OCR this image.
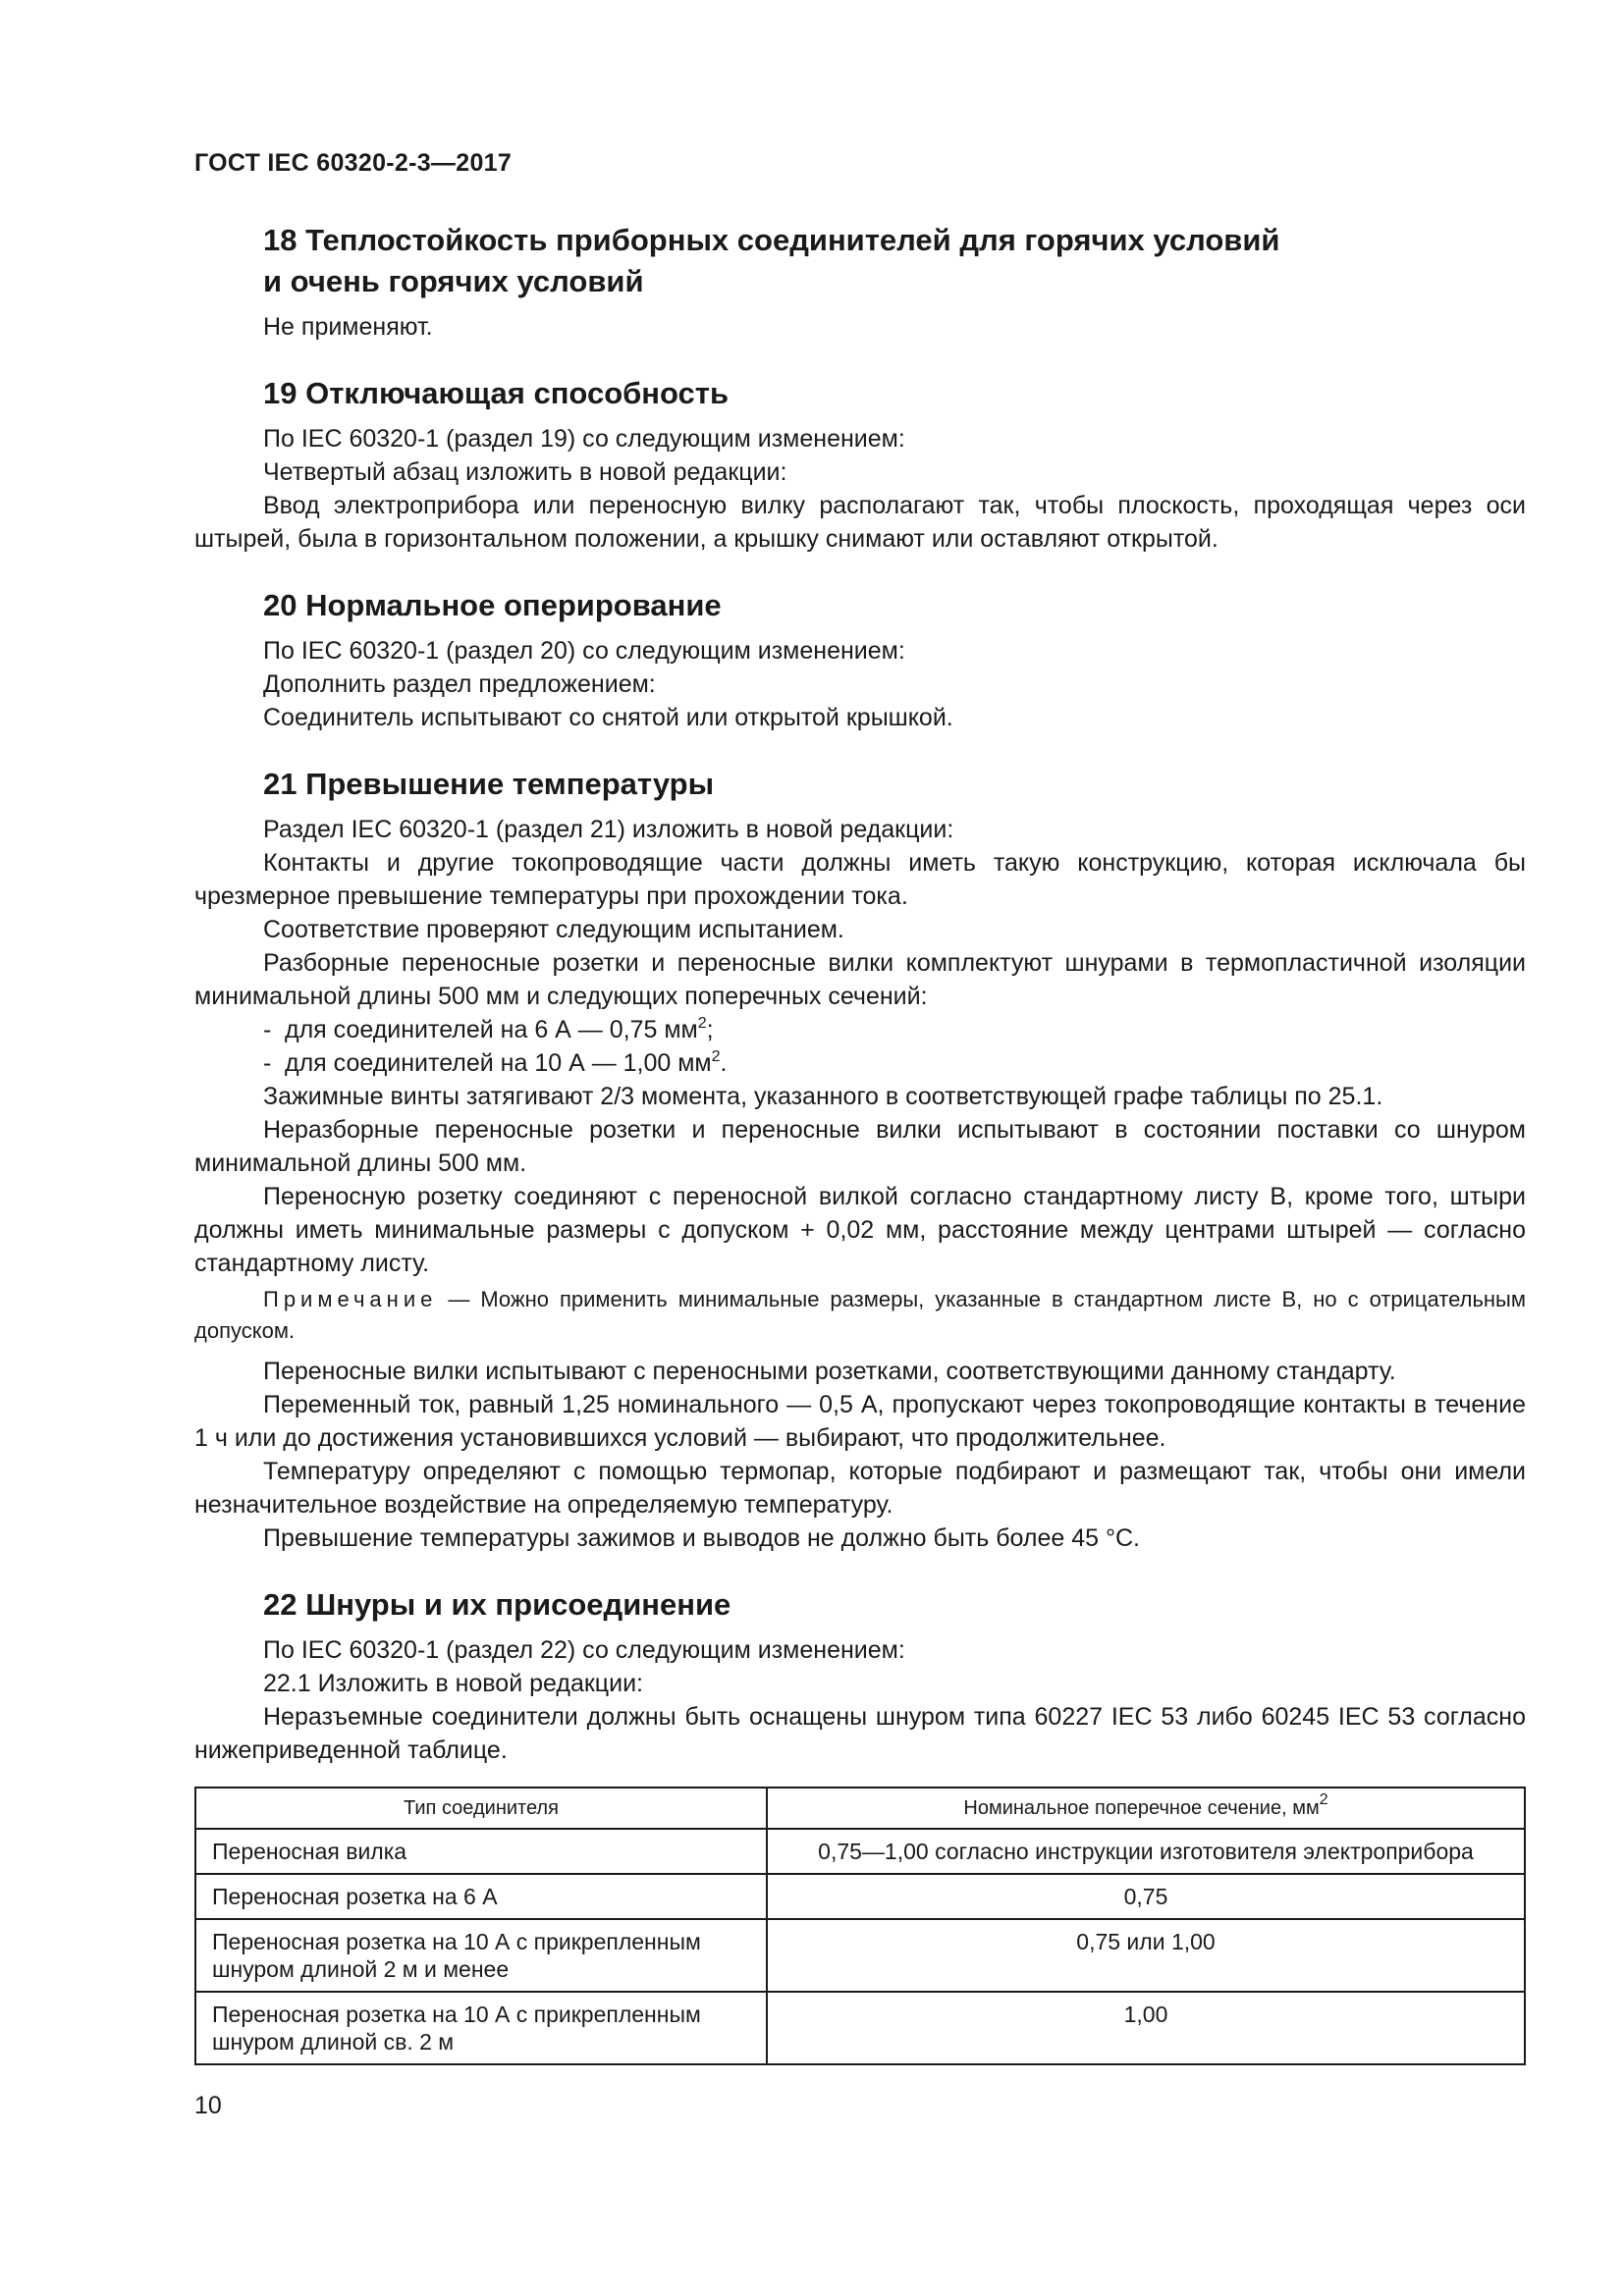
ГОСТ IEC 60320-2-3—2017
18 Теплостойкость приборных соединителей для горячих условий
и очень горячих условий

Не применяют.

19 Отключающая способность

По IEC 60320-1 (раздел 19) со следующим изменением:

Четвертый абзац изложить в новой редакции:

Ввод электроприбора или переносную вилку располагают так, чтобы плоскость, проходящая через оси штырей, была в горизонтальном положении, а крышку снимают или оставляют открытой.

20 Нормальное оперирование

По IEC 60320-1 (раздел 20) со следующим изменением:

Дополнить раздел предложением:

Соединитель испытывают со снятой или открытой крышкой.

21 Превышение температуры

Раздел IEC 60320-1 (раздел 21) изложить в новой редакции:

Контакты и другие токопроводящие части должны иметь такую конструкцию, которая исключала бы чрезмерное превышение температуры при прохождении тока.

Соответствие проверяют следующим испытанием.

Разборные переносные розетки и переносные вилки комплектуют шнурами в термопластичной изоляции минимальной длины 500 мм и следующих поперечных сечений:

- для соединителей на 6 А — 0,75 $мм^2$;

- для соединителей на 10 А — 1,00 $мм^2$.

Зажимные винты затягивают 2/3 момента, указанного в соответствующей графе таблицы по 25.1.

Неразборные переносные розетки и переносные вилки испытывают в состоянии поставки со шнуром минимальной длины 500 мм.

Переносную розетку соединяют с переносной вилкой согласно стандартному листу В, кроме того, штыри должны иметь минимальные размеры с допуском + 0,02 мм, расстояние между центрами штырей — согласно стандартному листу.

Примечание — Можно применить минимальные размеры, указанные в стандартном листе В, но с отрицательным допуском.

Переносные вилки испытывают с переносными розетками, соответствующими данному стандарту.

Переменный ток, равный 1,25 номинального — 0,5 А, пропускают через токопроводящие контакты в течение 1 ч или до достижения установившихся условий — выбирают, что продолжительнее.

Температуру определяют с помощью термопар, которые подбирают и размещают так, чтобы они имели незначительное воздействие на определяемую температуру.

Превышение температуры зажимов и выводов не должно быть более 45 °С.

22 Шнуры и их присоединение

По IEC 60320-1 (раздел 22) со следующим изменением:

22.1 Изложить в новой редакции:

Неразъемные соединители должны быть оснащены шнуром типа 60227 IEC 53 либо 60245 IEC 53 согласно нижеприведенной таблице.

Тип соединителя	Номинальное поперечное сечение, $мм^2$
Переносная вилка	0,75—1,00 согласно инструкции изготовителя электроприбора
Переносная розетка на 6 А	0,75
Переносная розетка на 10 А с прикрепленным шнуром длиной 2 м и менее	0,75 или 1,00
Переносная розетка на 10 А с прикрепленным шнуром длиной св. 2 м	1,00
10
